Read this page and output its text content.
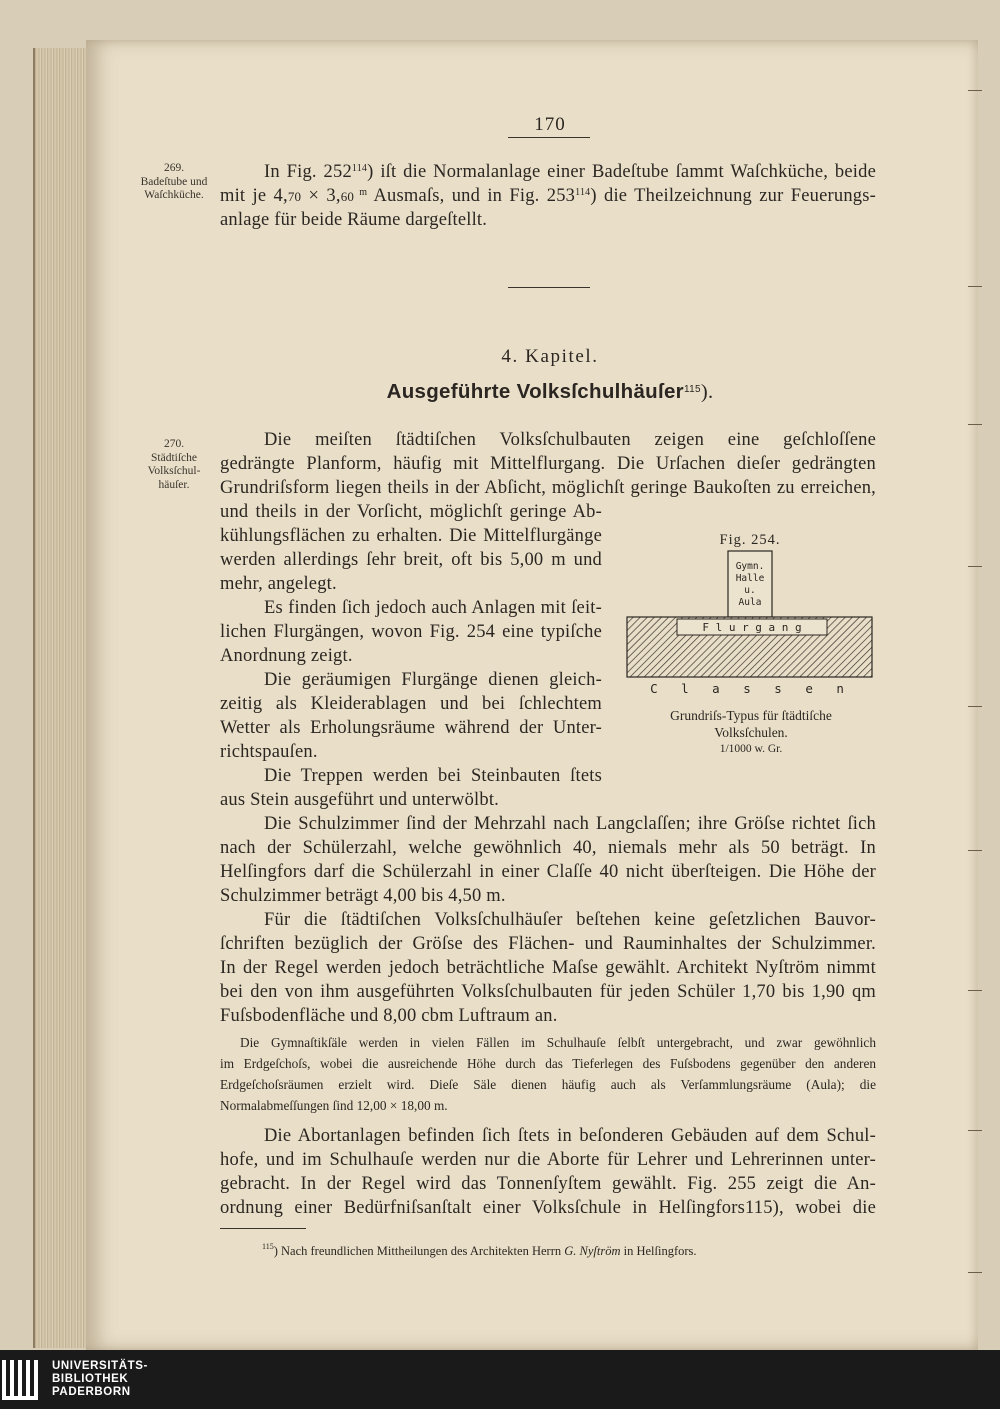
170
269.
Badeſtube und
Waſchküche.
In Fig. $252^{114}$) iſt die Normalanlage einer Badeſtube ſammt Waſchküche, beide
mit je 4,70 × 3,60 $^m$ Ausmaſs, und in Fig. $253^{114}$) die Theilzeichnung zur Feuerungs-
anlage für beide Räume dargeſtellt.
4. Kapitel.
Ausgeführte Volksſchulhäuſer$^{115}$).
270.
Städtiſche
Volksſchul-
häuſer.
Die meiſten ſtädtiſchen Volksſchulbauten zeigen eine geſchloſſene
gedrängte Planform, häufig mit Mittelflurgang. Die Urſachen dieſer gedrängten
Grundriſsform liegen theils in der Abſicht, möglichſt geringe Baukoſten zu erreichen,
und theils in der Vorſicht, möglichſt geringe Ab-
kühlungsflächen zu erhalten. Die Mittelflurgänge
werden allerdings ſehr breit, oft bis 5,00 m und
mehr, angelegt.
Es finden ſich jedoch auch Anlagen mit ſeit-
lichen Flurgängen, wovon Fig. 254 eine typiſche
Anordnung zeigt.
Die geräumigen Flurgänge dienen gleich-
zeitig als Kleiderablagen und bei ſchlechtem
Wetter als Erholungsräume während der Unter-
richtspauſen.
Die Treppen werden bei Steinbauten ſtets
aus Stein ausgeführt und unterwölbt.
Die Schulzimmer ſind der Mehrzahl nach Langclaſſen; ihre Gröſse richtet ſich
nach der Schülerzahl, welche gewöhnlich 40, niemals mehr als 50 beträgt. In
Helſingfors darf die Schülerzahl in einer Claſſe 40 nicht überſteigen. Die Höhe der
Schulzimmer beträgt 4,00 bis 4,50 m.
Für die ſtädtiſchen Volksſchulhäuſer beſtehen keine geſetzlichen Bauvor-
ſchriften bezüglich der Gröſse des Flächen- und Rauminhaltes der Schulzimmer.
In der Regel werden jedoch beträchtliche Maſse gewählt. Architekt Nyſtröm nimmt
bei den von ihm ausgeführten Volksſchulbauten für jeden Schüler 1,70 bis 1,90 qm
Fuſsbodenfläche und 8,00 cbm Luftraum an.
Die Gymnaſtikſäle werden in vielen Fällen im Schulhauſe ſelbſt untergebracht, und zwar gewöhnlich
im Erdgeſchoſs, wobei die ausreichende Höhe durch das Tieferlegen des Fuſsbodens gegenüber den anderen
Erdgeſchoſsräumen erzielt wird. Dieſe Säle dienen häufig auch als Verſammlungsräume (Aula); die
Normalabmeſſungen ſind 12,00 × 18,00 m.
Die Abortanlagen befinden ſich ſtets in beſonderen Gebäuden auf dem Schul-
hofe, und im Schulhauſe werden nur die Aborte für Lehrer und Lehrerinnen unter-
gebracht. In der Regel wird das Tonnenſyſtem gewählt. Fig. 255 zeigt die An-
ordnung einer Bedürfniſsanſtalt einer Volksſchule in Helſingfors115), wobei die
$^{115}$) Nach freundlichen Mittheilungen des Architekten Herrn G. Nyſtröm in Helſingfors.
Fig. 254.
Gymn.
Halle
u.
Aula
F l u r g a n g
C l a s s e n
Grundriſs-Typus für ſtädtiſche
Volksſchulen.
1/1000 w. Gr.
UNIVERSITÄTS-
BIBLIOTHEK
PADERBORN
